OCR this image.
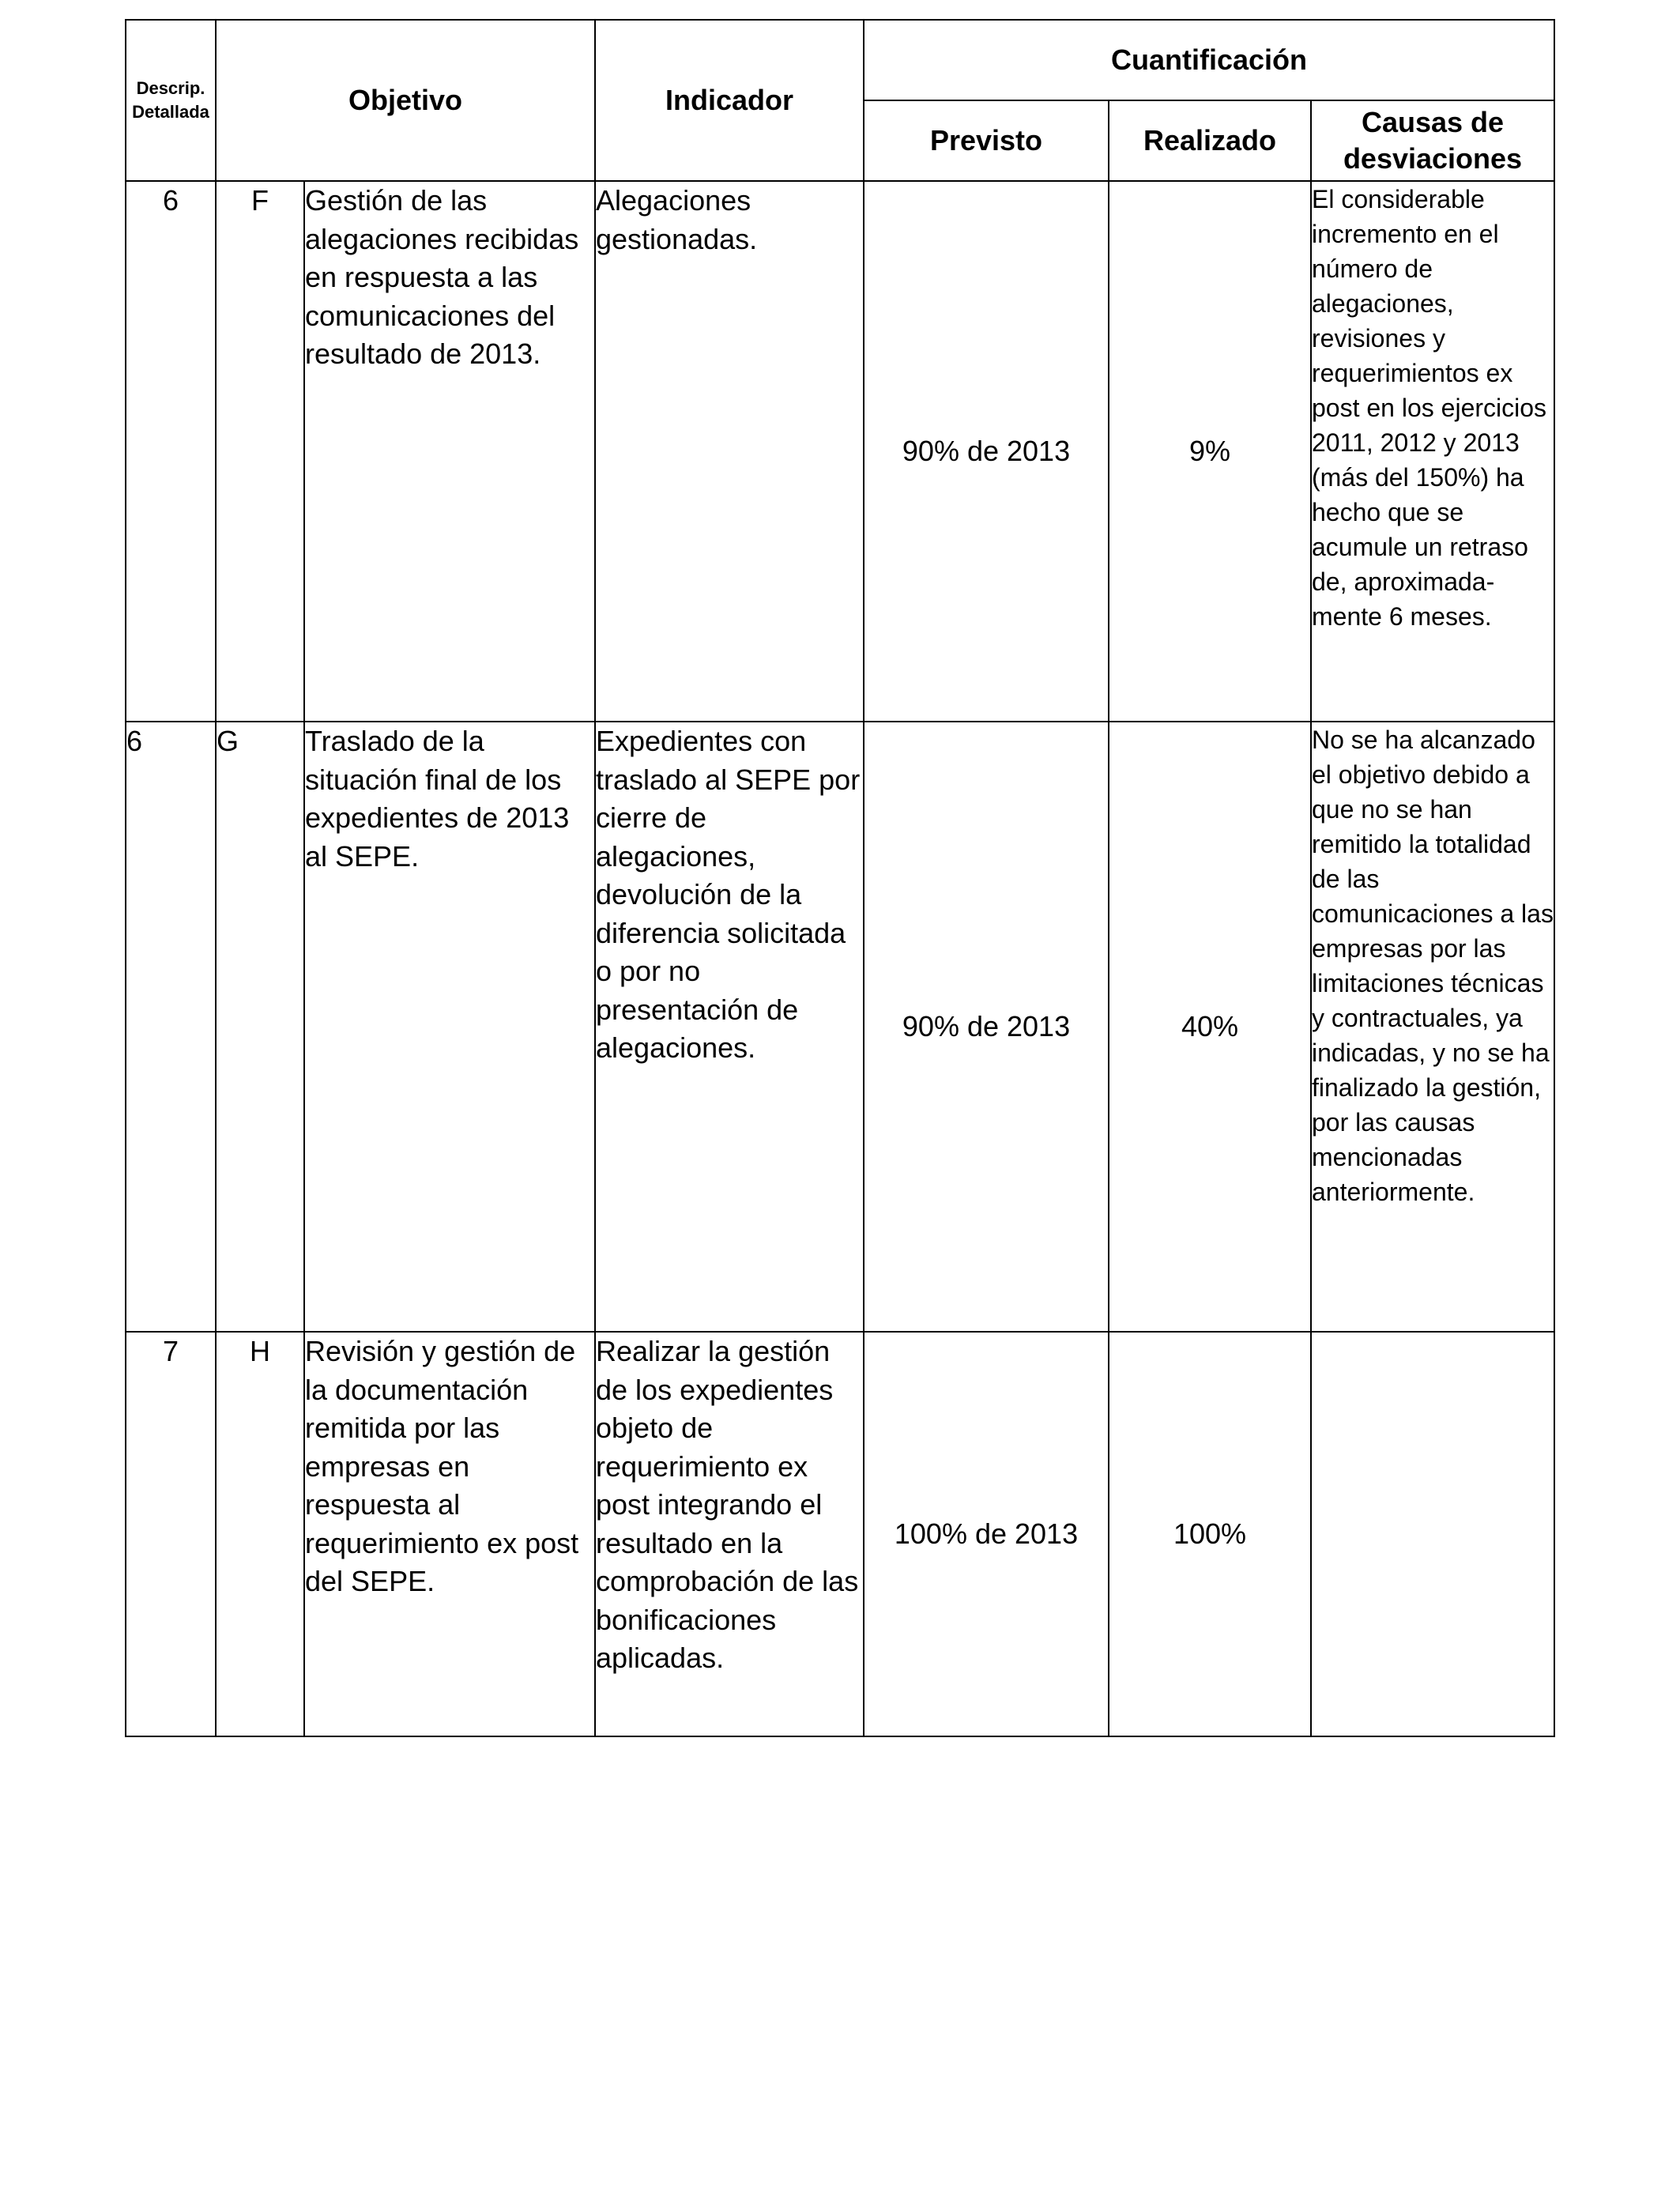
Descrip. Detallada	Objetivo		Indicador	Cuantificación		
				Previsto	Realizado	Causas de desviaciones
6	F	Gestión de las alegaciones recibidas en respuesta a las comunicaciones del resultado de 2013.	Alegaciones gestionadas.	90% de 2013	9%	El considerable incremento en el número de alegaciones, revisiones y requerimientos ex post en los ejercicios 2011, 2012 y 2013 (más del 150%) ha hecho que se acumule un retraso de, aproximada-mente 6 meses.
6	G	Traslado de la situación final de los expedientes de 2013 al SEPE.	Expedientes con traslado al SEPE por cierre de alegaciones, devolución de la diferencia solicitada o por no presentación de alegaciones.	90% de 2013	40%	No se ha alcanzado el objetivo debido a que no se han remitido la totalidad de las comunicaciones a las empresas por las limitaciones técnicas y contractuales, ya indicadas, y no se ha finalizado la gestión, por las causas mencionadas anteriormente.
7	H	Revisión y gestión de la documentación remitida por las empresas en respuesta al requerimiento ex post del SEPE.	Realizar la gestión de los expedientes objeto de requerimiento ex post integrando el resultado en la comprobación de las bonificaciones aplicadas.	100% de 2013	100%	
